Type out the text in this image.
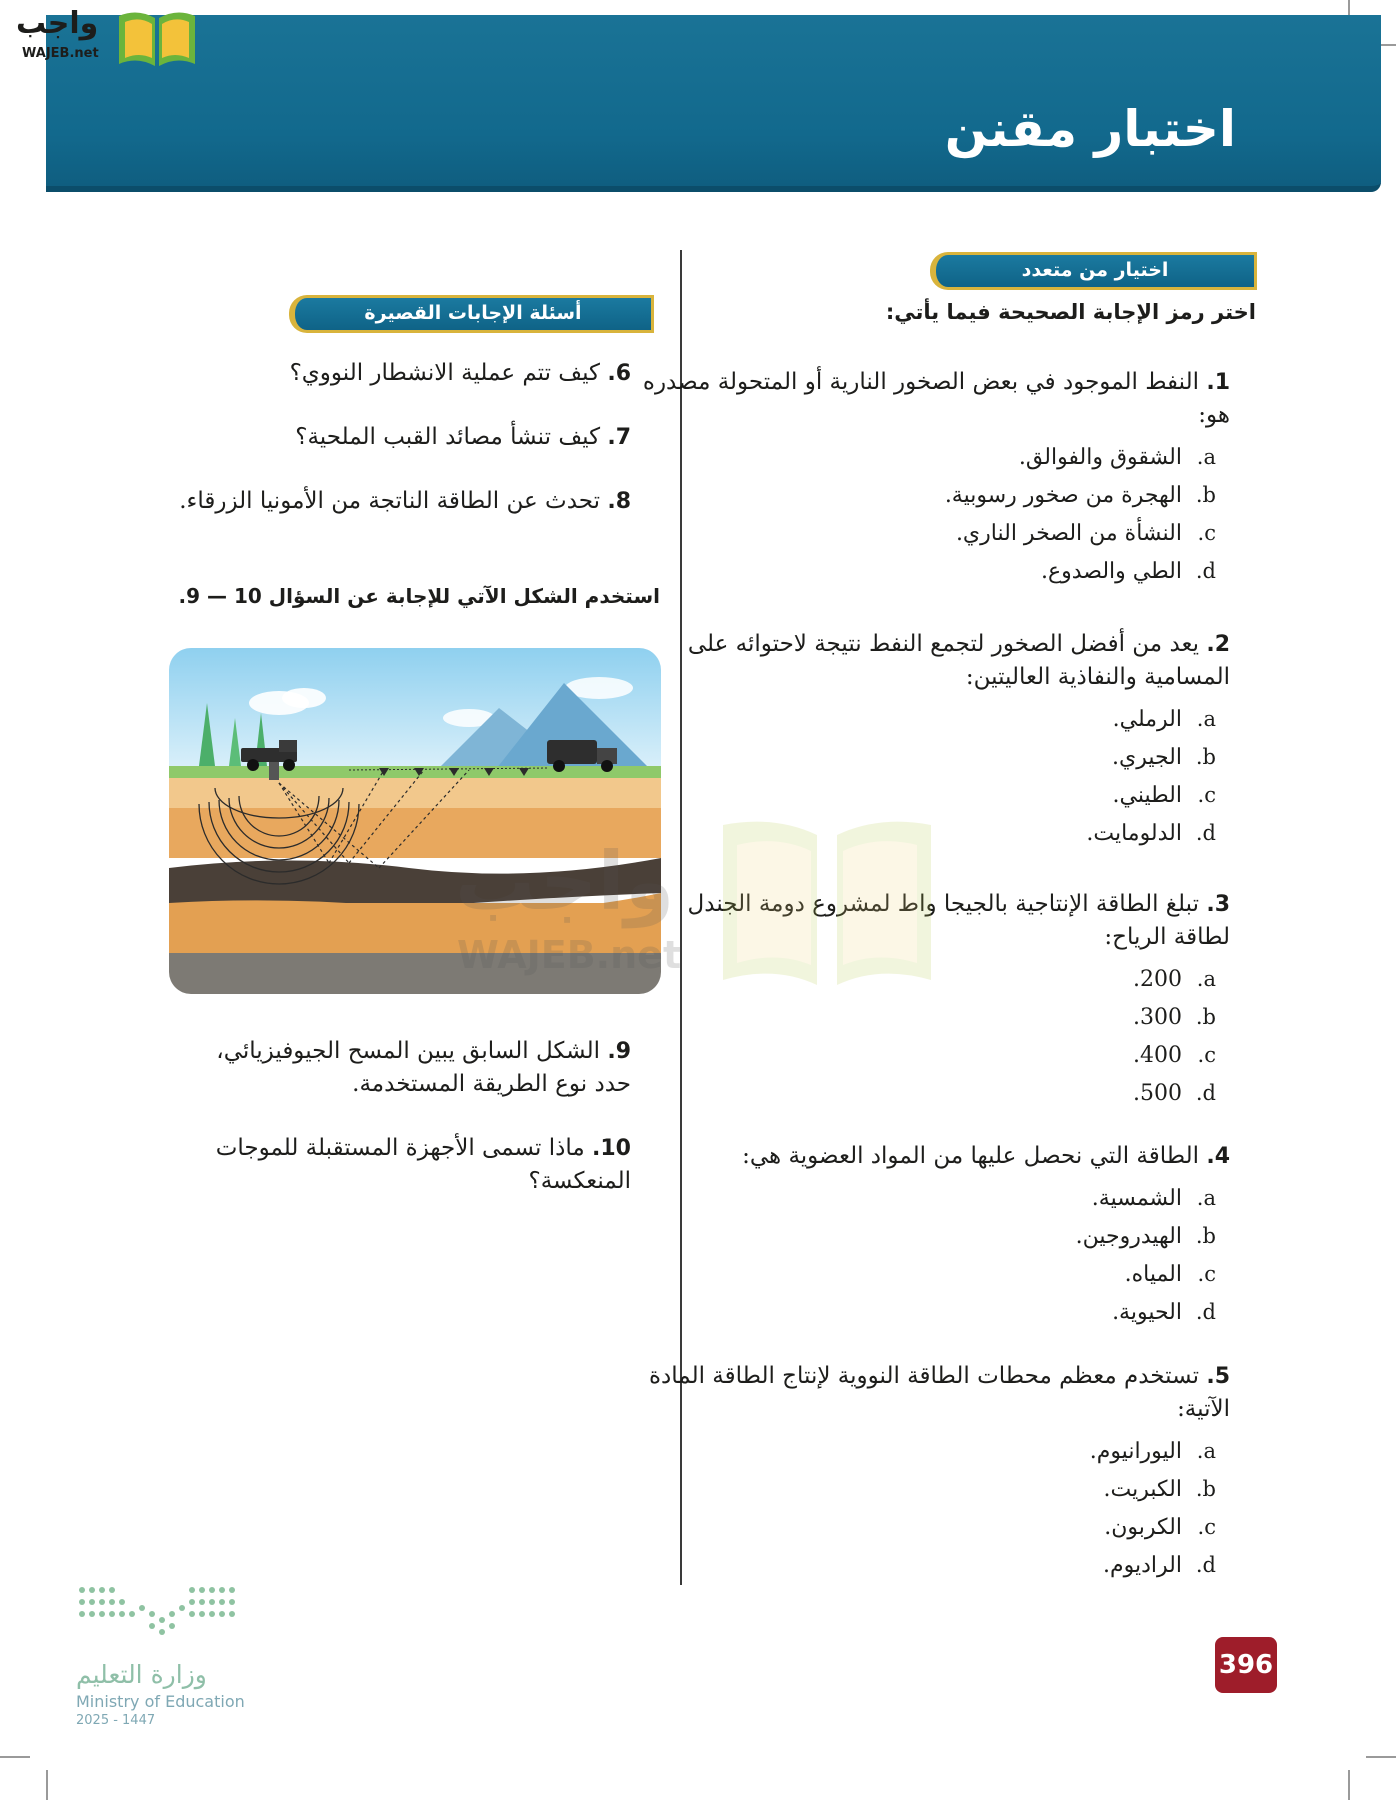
اختبار مقنن
واجب
WAJEB.net
اختيار من متعدد
اختر رمز الإجابة الصحيحة فيما يأتي:
1. النفط الموجود في بعض الصخور النارية أو المتحولة مصدره هو:
a.الشقوق والفوالق.
b.الهجرة من صخور رسوبية.
c.النشأة من الصخر الناري.
d.الطي والصدوع.
2. يعد من أفضل الصخور لتجمع النفط نتيجة لاحتوائه على المسامية والنفاذية العاليتين:
a.الرملي.
b.الجيري.
c.الطيني.
d.الدلومايت.
3. تبلغ الطاقة الإنتاجية بالجيجا واط لمشروع دومة الجندل لطاقة الرياح:
a.200.
b.300.
c.400.
d.500.
4. الطاقة التي نحصل عليها من المواد العضوية هي:
a.الشمسية.
b.الهيدروجين.
c.المياه.
d.الحيوية.
5. تستخدم معظم محطات الطاقة النووية لإنتاج الطاقة المادة الآتية:
a.اليورانيوم.
b.الكبريت.
c.الكربون.
d.الراديوم.
أسئلة الإجابات القصيرة
6. كيف تتم عملية الانشطار النووي؟
7. كيف تنشأ مصائد القبب الملحية؟
8. تحدث عن الطاقة الناتجة من الأمونيا الزرقاء.
استخدم الشكل الآتي للإجابة عن السؤال 10 — 9.
9. الشكل السابق يبين المسح الجيوفيزيائي، حدد نوع الطريقة المستخدمة.
10. ماذا تسمى الأجهزة المستقبلة للموجات المنعكسة؟
396
وزارة التعليم
Ministry of Education
2025 - 1447
